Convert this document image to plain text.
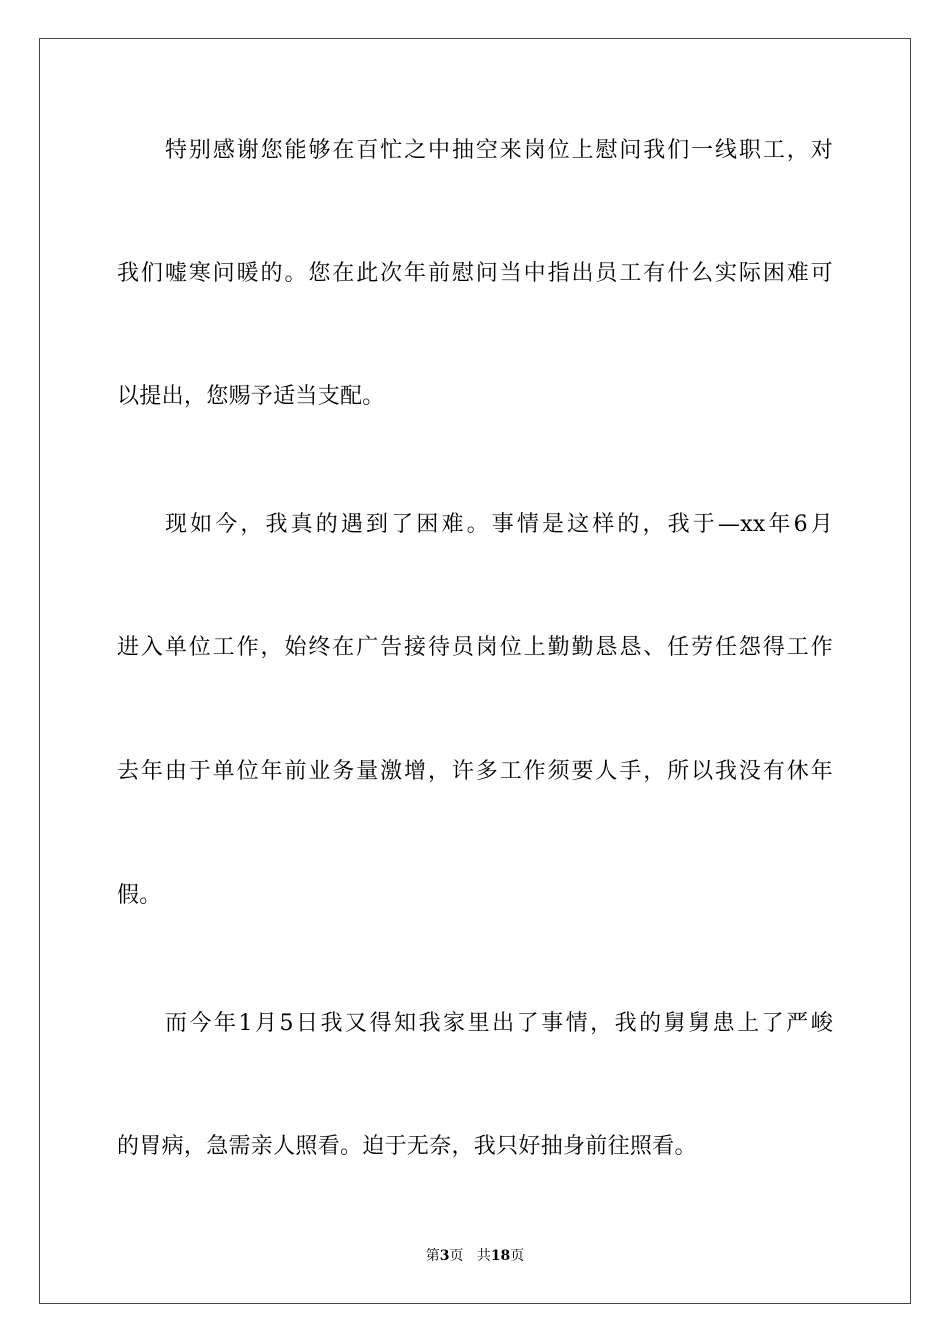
特别感谢您能够在百忙之中抽空来岗位上慰问我们一线职工，对
我们嘘寒问暖的。您在此次年前慰问当中指出员工有什么实际困难可
以提出，您赐予适当支配。
现如今，我真的遇到了困难。事情是这样的，我于—xx年6月
进入单位工作，始终在广告接待员岗位上勤勤恳恳、任劳任怨得工作
去年由于单位年前业务量激增，许多工作须要人手，所以我没有休年
假。
而今年1月5日我又得知我家里出了事情，我的舅舅患上了严峻
的胃病，急需亲人照看。迫于无奈，我只好抽身前往照看。
第3页 共18页
